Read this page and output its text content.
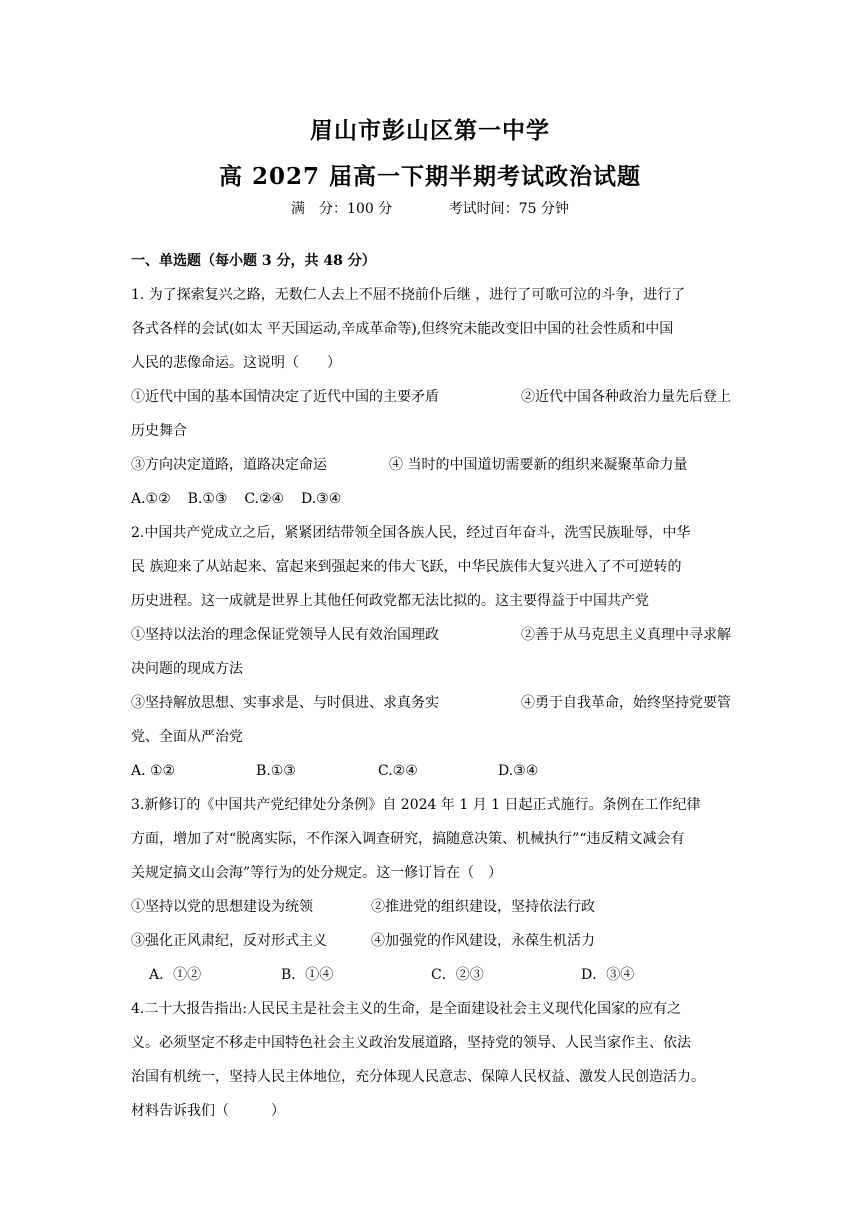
眉山市彭山区第一中学
高 2027 届高一下期半期考试政治试题
满　分：100 分	考试时间：75 分钟
一、单选题（每小题 3 分，共 48 分）
1. 为了探索复兴之路，无数仁人去上不屈不挠前仆后继 ，进行了可歌可泣的斗争，进行了
各式各样的会试(如太 平天国运动,辛成革命等),但终究未能改变旧中国的社会性质和中国
人民的悲像命运。这说明（　　）
①近代中国的基本国情决定了近代中国的主要矛盾	②近代中国各种政治力量先后登上
历史舞合
③方向决定道路，道路决定命运	④ 当时的中国道切需要新的组织来凝聚革命力量
A.①② B.①③ C.②④ D.③④
2.中国共产党成立之后，紧紧团结带领全国各族人民，经过百年奋斗，洗雪民族耻辱，中华
民 族迎来了从站起来、富起来到强起来的伟大飞跃，中华民族伟大复兴进入了不可逆转的
历史进程。这一成就是世界上其他任何政党都无法比拟的。这主要得益于中国共产党
①坚持以法治的理念保证党领导人民有效治国理政	②善于从马克思主义真理中寻求解
决问题的现成方法
③坚持解放思想、实事求是、与时俱进、求真务实	④勇于自我革命，始终坚持党要管
党、全面从严治党
A. ①②	B.①③	C.②④	D.③④
3.新修订的《中国共产党纪律处分条例》自 2024 年 1 月 1 日起正式施行。条例在工作纪律
方面，增加了对“脱离实际，不作深入调查研究，搞随意决策、机械执行”“违反精文减会有
关规定搞文山会海”等行为的处分规定。这一修订旨在（　）
①坚持以党的思想建设为统领	②推进党的组织建设，坚持依法行政
③强化正风肃纪，反对形式主义	④加强党的作风建设，永葆生机活力
A．①②	B．①④	C．②③	D．③④
4.二十大报告指出:人民民主是社会主义的生命，是全面建设社会主义现代化国家的应有之
义。必须坚定不移走中国特色社会主义政治发展道路，坚持党的领导、人民当家作主、依法
治国有机统一，坚持人民主体地位，充分体现人民意志、保障人民权益、激发人民创造活力。
材料告诉我们（　　　）
